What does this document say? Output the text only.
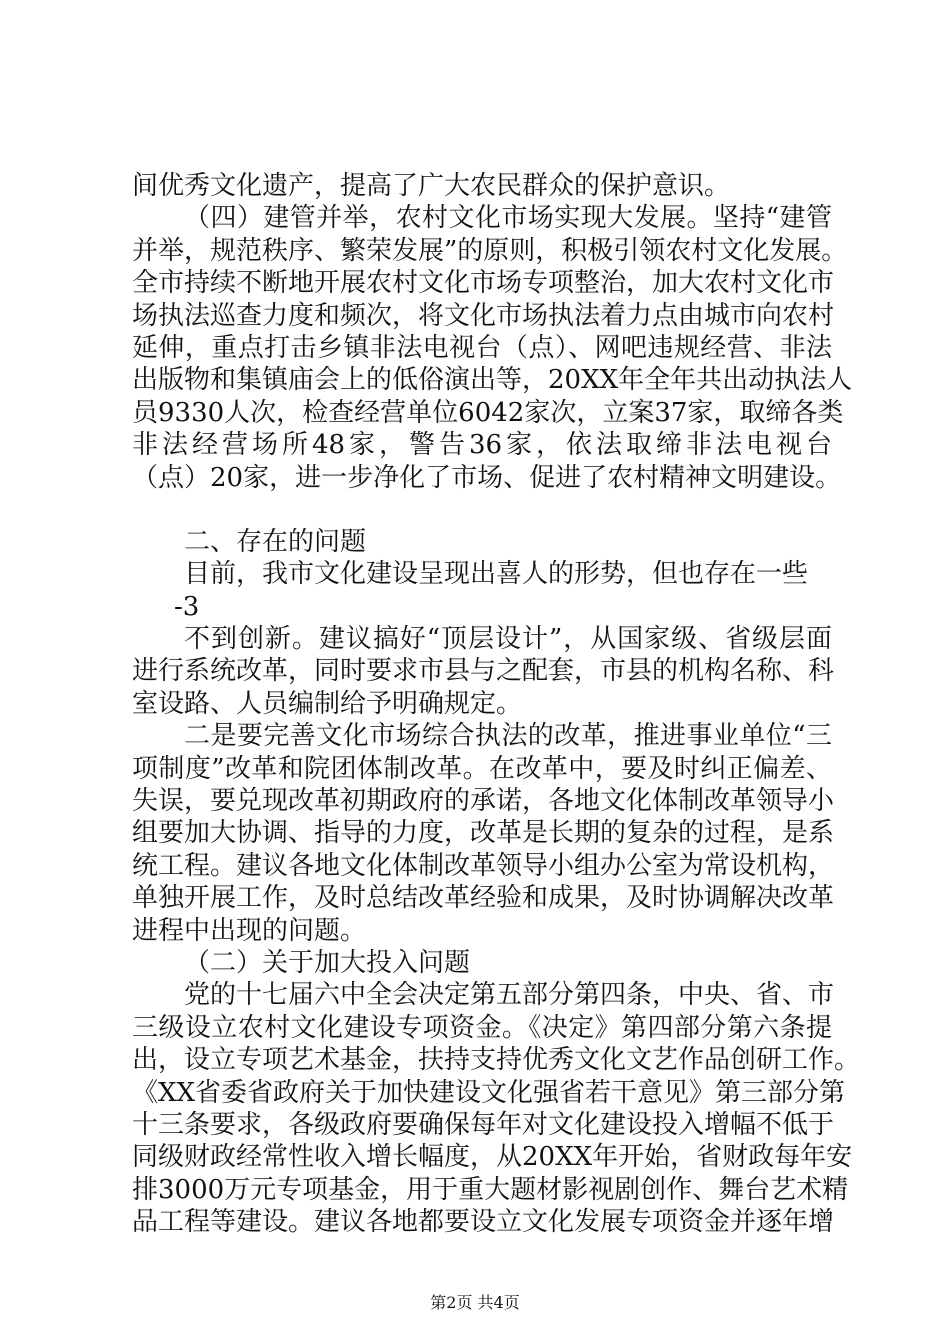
间优秀文化遗产，提高了广大农民群众的保护意识。
（四）建管并举，农村文化市场实现大发展。坚持“建管
并举，规范秩序、繁荣发展”的原则，积极引领农村文化发展。
全市持续不断地开展农村文化市场专项整治，加大农村文化市
场执法巡查力度和频次，将文化市场执法着力点由城市向农村
延伸，重点打击乡镇非法电视台（点）、网吧违规经营、非法
出版物和集镇庙会上的低俗演出等，20XX年全年共出动执法人
员9330人次，检查经营单位6042家次，立案37家，取缔各类
非法经营场所48家，警告36家，依法取缔非法电视台
（点）20家，进一步净化了市场、促进了农村精神文明建设。
二、存在的问题
目前，我市文化建设呈现出喜人的形势，但也存在一些
-3
不到创新。建议搞好“顶层设计”，从国家级、省级层面
进行系统改革，同时要求市县与之配套，市县的机构名称、科
室设路、人员编制给予明确规定。
二是要完善文化市场综合执法的改革，推进事业单位“三
项制度”改革和院团体制改革。在改革中，要及时纠正偏差、
失误，要兑现改革初期政府的承诺，各地文化体制改革领导小
组要加大协调、指导的力度，改革是长期的复杂的过程，是系
统工程。建议各地文化体制改革领导小组办公室为常设机构，
单独开展工作，及时总结改革经验和成果，及时协调解决改革
进程中出现的问题。
（二）关于加大投入问题
党的十七届六中全会决定第五部分第四条，中央、省、市
三级设立农村文化建设专项资金。《决定》第四部分第六条提
出，设立专项艺术基金，扶持支持优秀文化文艺作品创研工作。
《XX省委省政府关于加快建设文化强省若干意见》第三部分第
十三条要求，各级政府要确保每年对文化建设投入增幅不低于
同级财政经常性收入增长幅度，从20XX年开始，省财政每年安
排3000万元专项基金，用于重大题材影视剧创作、舞台艺术精
品工程等建设。建议各地都要设立文化发展专项资金并逐年增
第2页 共4页
